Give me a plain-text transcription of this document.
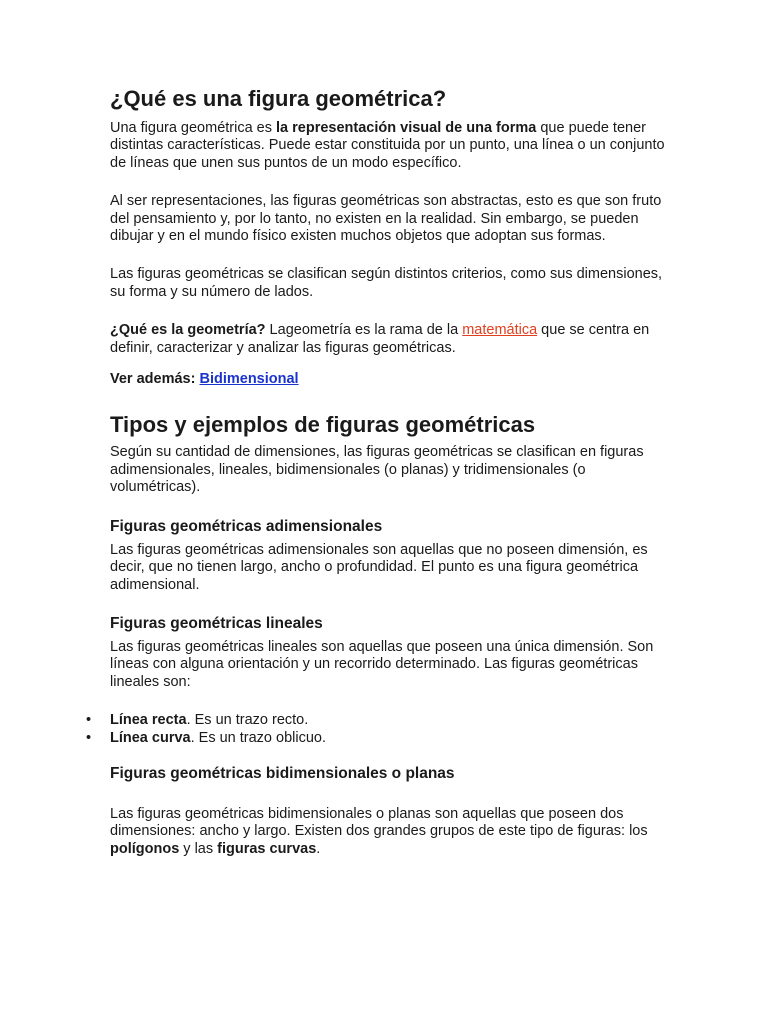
¿Qué es una figura geométrica?

Una figura geométrica es la representación visual de una forma que puede tener distintas características. Puede estar constituida por un punto, una línea o un conjunto de líneas que unen sus puntos de un modo específico.

Al ser representaciones, las figuras geométricas son abstractas, esto es que son fruto del pensamiento y, por lo tanto, no existen en la realidad. Sin embargo, se pueden dibujar y en el mundo físico existen muchos objetos que adoptan sus formas.

Las figuras geométricas se clasifican según distintos criterios, como sus dimensiones, su forma y su número de lados.

¿Qué es la geometría? Lageometría es la rama de la matemática que se centra en definir, caracterizar y analizar las figuras geométricas.

Ver además: Bidimensional

Tipos y ejemplos de figuras geométricas

Según su cantidad de dimensiones, las figuras geométricas se clasifican en figuras adimensionales, lineales, bidimensionales (o planas) y tridimensionales (o volumétricas).

Figuras geométricas adimensionales

Las figuras geométricas adimensionales son aquellas que no poseen dimensión, es decir, que no tienen largo, ancho o profundidad. El punto es una figura geométrica adimensional.

Figuras geométricas lineales

Las figuras geométricas lineales son aquellas que poseen una única dimensión. Son líneas con alguna orientación y un recorrido determinado. Las figuras geométricas lineales son:

• Línea recta. Es un trazo recto.
• Línea curva. Es un trazo oblicuo.
Figuras geométricas bidimensionales o planas

Las figuras geométricas bidimensionales o planas son aquellas que poseen dos dimensiones: ancho y largo. Existen dos grandes grupos de este tipo de figuras: los polígonos y las figuras curvas.
